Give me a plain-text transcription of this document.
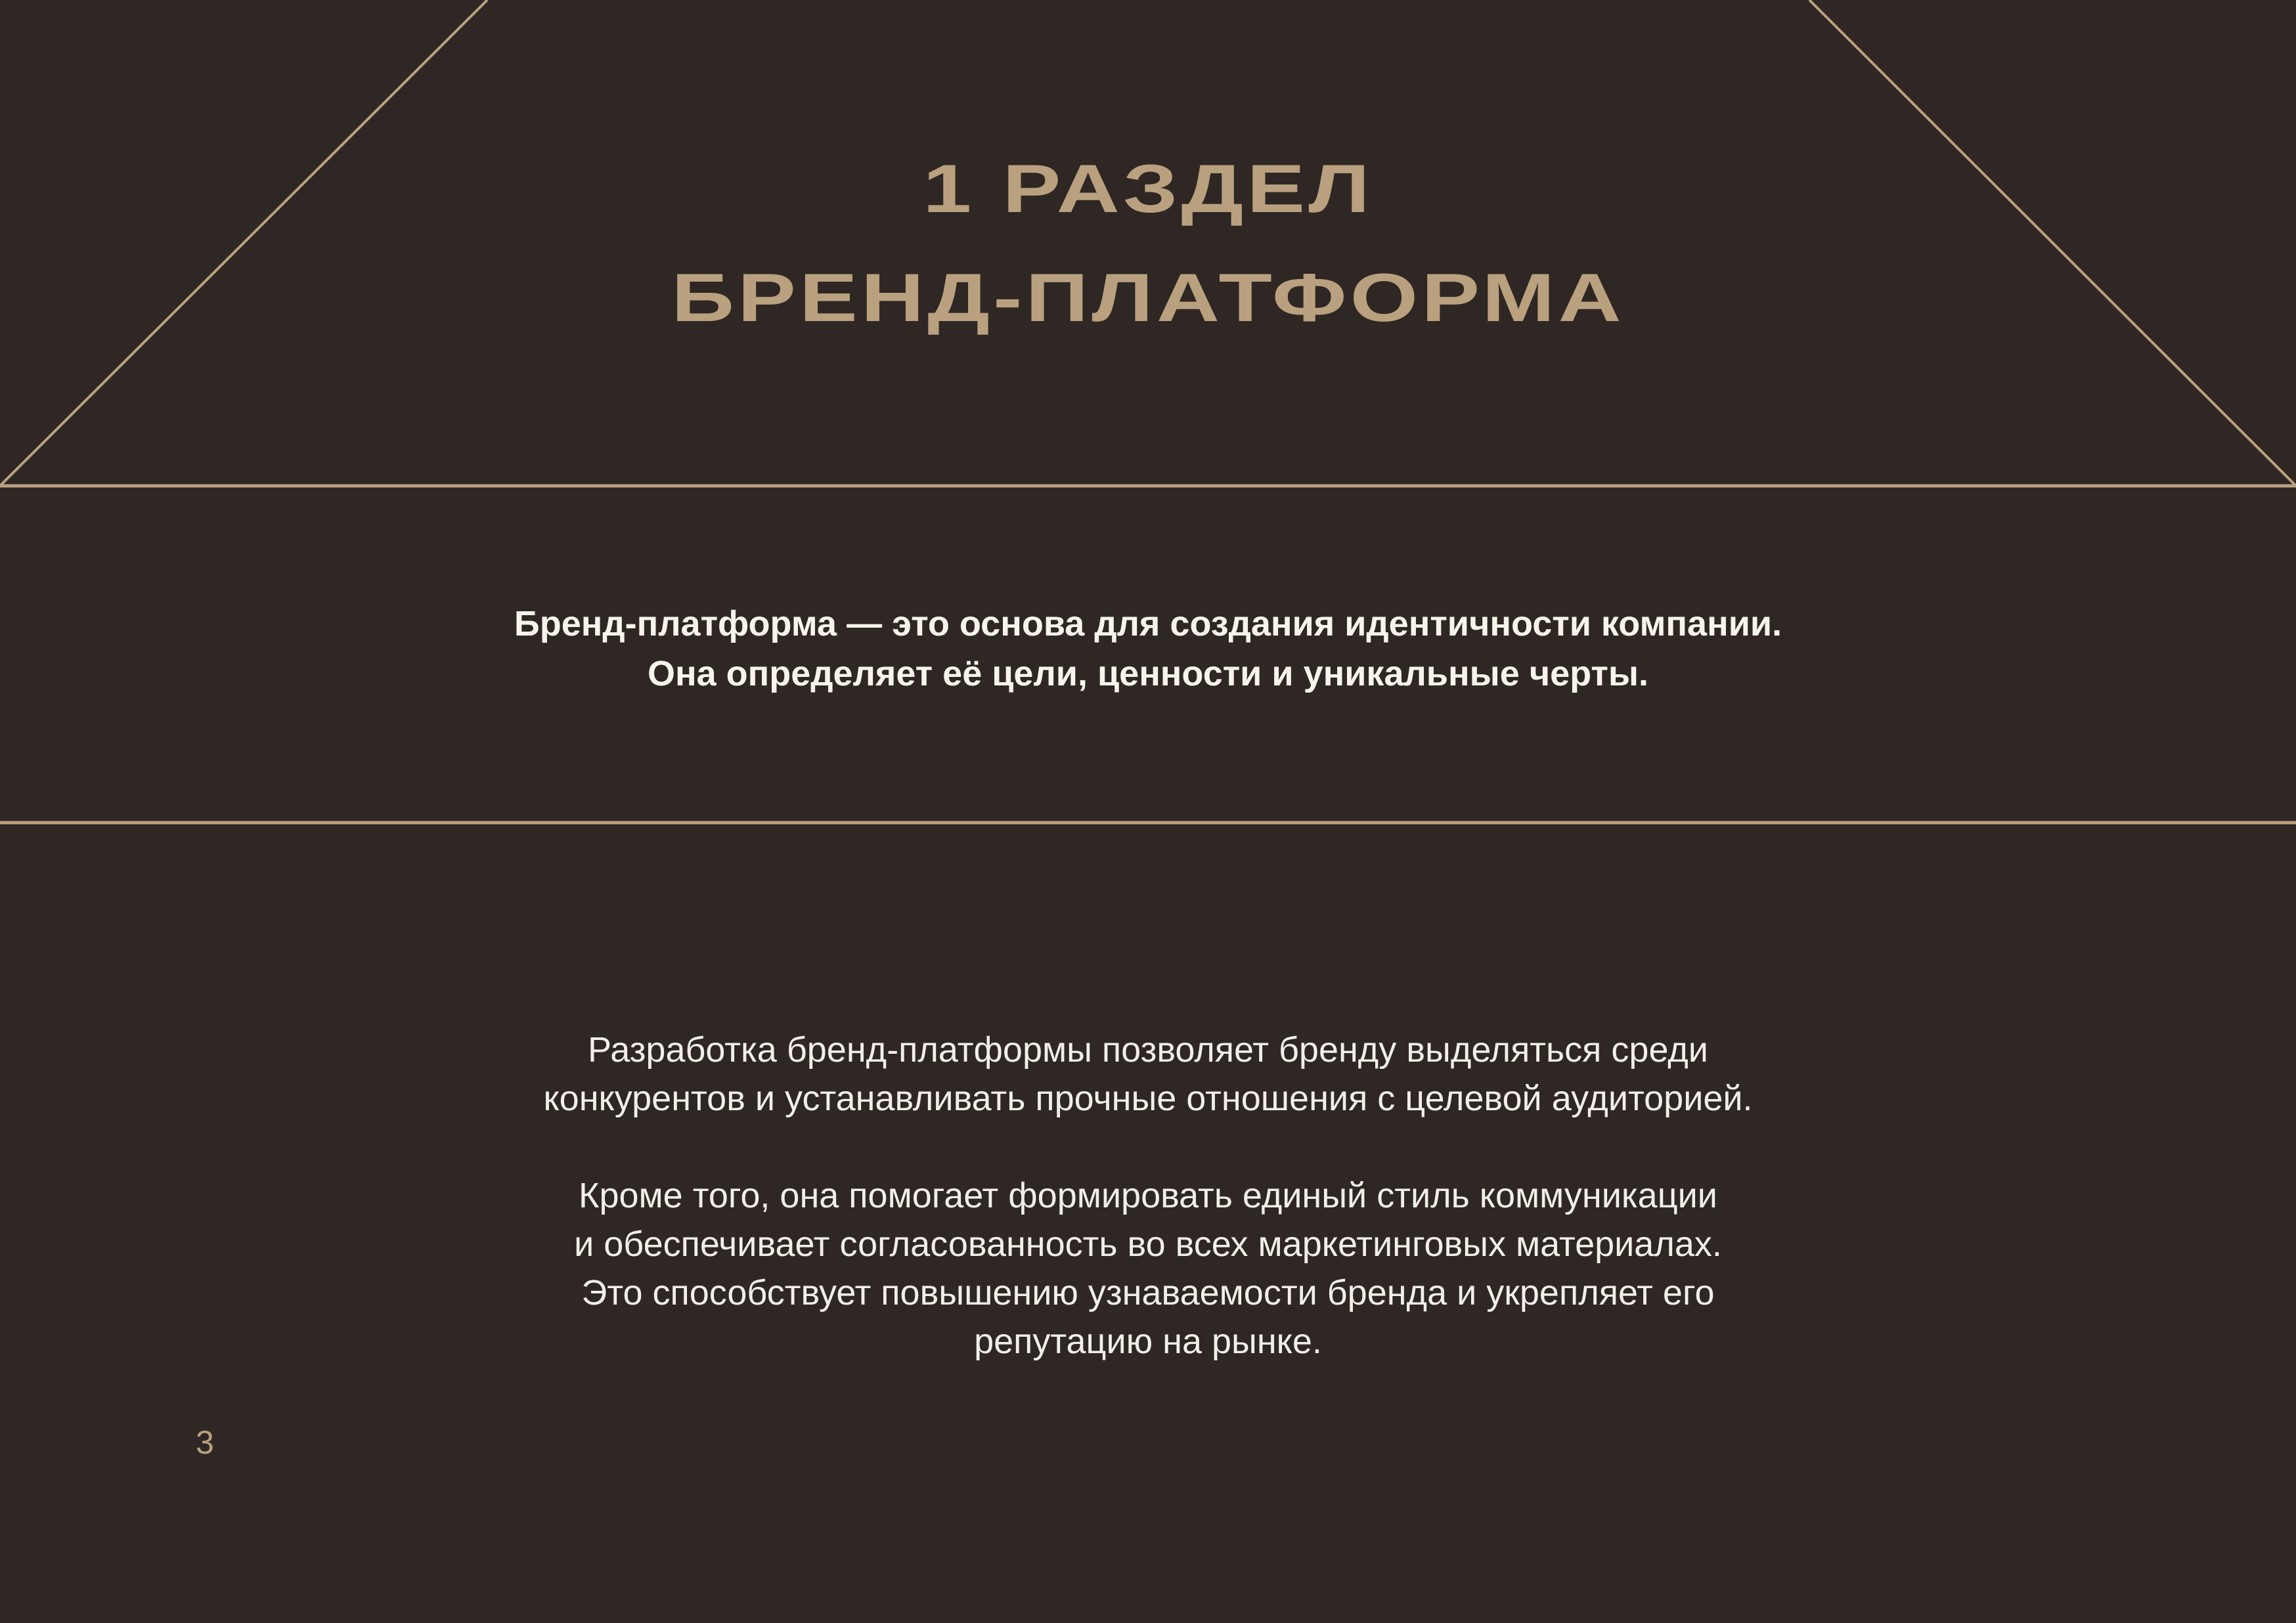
1 РАЗДЕЛ
БРЕНД-ПЛАТФОРМА
Бренд-платформа — это основа для создания идентичности компании.
Она определяет её цели, ценности и уникальные черты.
Разработка бренд-платформы позволяет бренду выделяться среди
конкурентов и устанавливать прочные отношения с целевой аудиторией.
Кроме того, она помогает формировать единый стиль коммуникации
и обеспечивает согласованность во всех маркетинговых материалах.
Это способствует повышению узнаваемости бренда и укрепляет его
репутацию на рынке.
3
